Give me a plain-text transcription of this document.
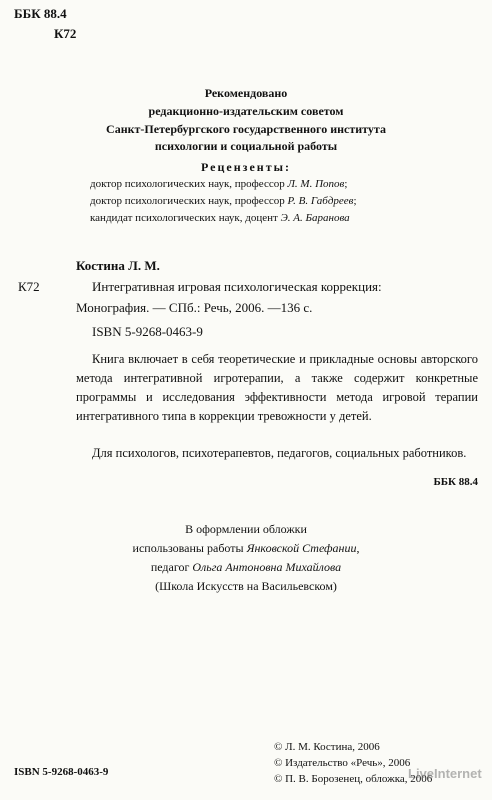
ББК 88.4
К72
Рекомендовано
редакционно-издательским советом
Санкт-Петербургского государственного института
психологии и социальной работы
Рецензенты:
доктор психологических наук, профессор Л. М. Попов;
доктор психологических наук, профессор Р. В. Габдреев;
кандидат психологических наук, доцент Э. А. Баранова
Костина Л. М.
К72	Интегративная игровая психологическая коррекция:
Монография. — СПб.: Речь, 2006. —136 с.
ISBN 5-9268-0463-9
Книга включает в себя теоретические и прикладные основы авторского метода интегративной игротерапии, а также содержит конкретные программы и исследования эффективности метода игровой терапии интегративного типа в коррекции тревожности у детей.
Для психологов, психотерапевтов, педагогов, социальных работников.
ББК 88.4
В оформлении обложки
использованы работы Янковской Стефании,
педагог Ольга Антоновна Михайлова
(Школа Искусств на Васильевском)
ISBN 5-9268-0463-9
© Л. М. Костина, 2006
© Издательство «Речь», 2006
© П. В. Борозенец, обложка, 2006
LiveInternet
